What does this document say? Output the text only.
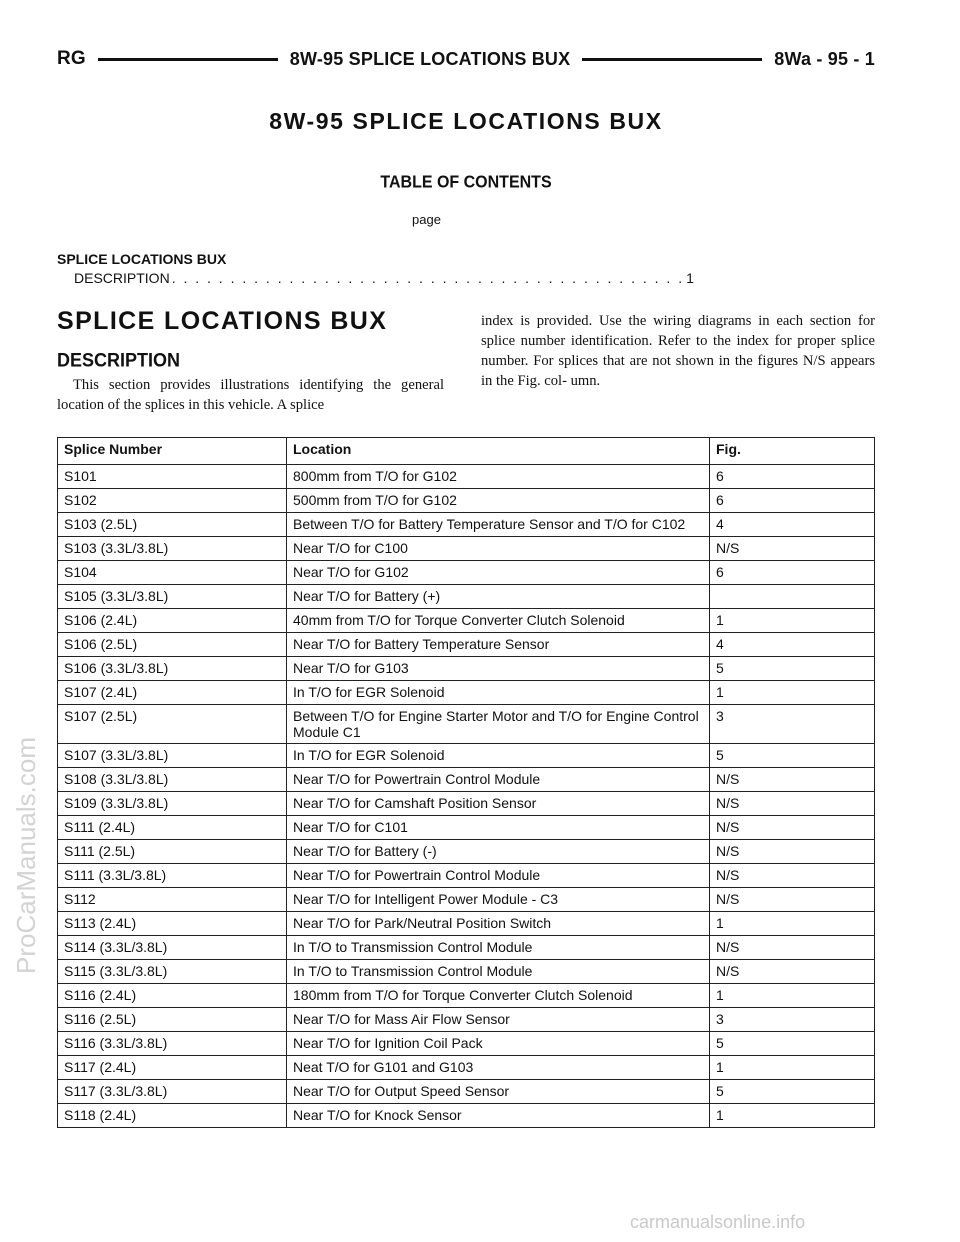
RG	8W-95 SPLICE LOCATIONS BUX	8Wa - 95 - 1
8W-95 SPLICE LOCATIONS BUX
TABLE OF CONTENTS
page
SPLICE LOCATIONS BUX
DESCRIPTION . . . . . . . . . . . . . . . . . . . . . . . . . . . . . . . . . . . . . . . . . . . . 1
SPLICE LOCATIONS BUX
DESCRIPTION
This section provides illustrations identifying the general location of the splices in this vehicle. A splice
index is provided. Use the wiring diagrams in each section for splice number identification. Refer to the index for proper splice number. For splices that are not shown in the figures N/S appears in the Fig. col- umn.
Splice Number	Location	Fig.
S101	800mm from T/O for G102	6
S102	500mm from T/O for G102	6
S103 (2.5L)	Between T/O for Battery Temperature Sensor and T/O for C102	4
S103 (3.3L/3.8L)	Near T/O for C100	N/S
S104	Near T/O for G102	6
S105 (3.3L/3.8L)	Near T/O for Battery (+)	
S106 (2.4L)	40mm from T/O for Torque Converter Clutch Solenoid	1
S106 (2.5L)	Near T/O for Battery Temperature Sensor	4
S106 (3.3L/3.8L)	Near T/O for G103	5
S107 (2.4L)	In T/O for EGR Solenoid	1
S107 (2.5L)	Between T/O for Engine Starter Motor and T/O for Engine Control Module C1	3
S107 (3.3L/3.8L)	In T/O for EGR Solenoid	5
S108 (3.3L/3.8L)	Near T/O for Powertrain Control Module	N/S
S109 (3.3L/3.8L)	Near T/O for Camshaft Position Sensor	N/S
S111 (2.4L)	Near T/O for C101	N/S
S111 (2.5L)	Near T/O for Battery (-)	N/S
S111 (3.3L/3.8L)	Near T/O for Powertrain Control Module	N/S
S112	Near T/O for Intelligent Power Module - C3	N/S
S113 (2.4L)	Near T/O for Park/Neutral Position Switch	1
S114 (3.3L/3.8L)	In T/O to Transmission Control Module	N/S
S115 (3.3L/3.8L)	In T/O to Transmission Control Module	N/S
S116 (2.4L)	180mm from T/O for Torque Converter Clutch Solenoid	1
S116 (2.5L)	Near T/O for Mass Air Flow Sensor	3
S116 (3.3L/3.8L)	Near T/O for Ignition Coil Pack	5
S117 (2.4L)	Neat T/O for G101 and G103	1
S117 (3.3L/3.8L)	Near T/O for Output Speed Sensor	5
S118 (2.4L)	Near T/O for Knock Sensor	1
ProCarManuals.com
carmanualsonline.info
